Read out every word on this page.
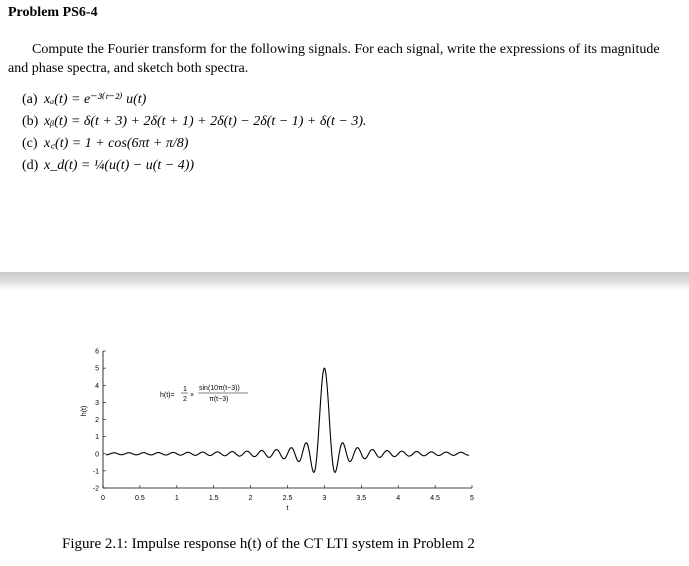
Problem PS6-4
Compute the Fourier transform for the following signals. For each signal, write the expressions of its magnitude and phase spectra, and sketch both spectra.
(a) xₐ(t) = e⁻³⁽ᵗ⁻²⁾ u(t)
(b) xᵦ(t) = δ(t + 3) + 2δ(t + 1) + 2δ(t) − 2δ(t − 1) + δ(t − 3).
(c) x꜀(t) = 1 + cos(6πt + π/8)
(d) x_d(t) = ¼(u(t) − u(t − 4))
-2
-1
0
1
2
3
4
5
6
0	0.5	1	1.5	2	2.5	3	3.5	4	4.5	5
t
h(t)
h(t)=
1
2
×
sin(10π(t−3))
π(t−3)
Figure 2.1: Impulse response h(t) of the CT LTI system in Problem 2
